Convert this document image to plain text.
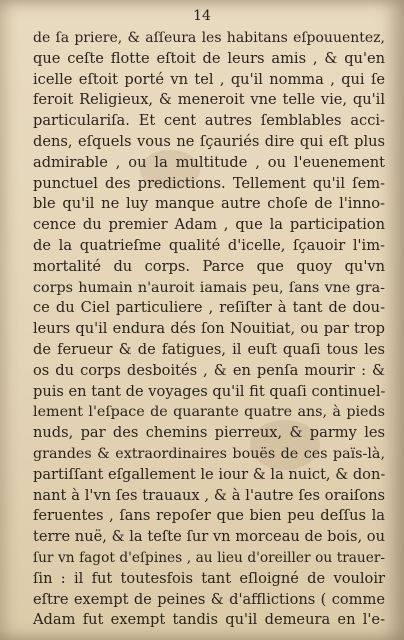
14
de ſa priere, & aſſeura les habitans eſpouuentez,
que ceſte flotte eſtoit de leurs amis , & qu'en
icelle eſtoit porté vn tel , qu'il nomma , qui ſe
feroit Religieux, & meneroit vne telle vie, qu'il
particulariſa. Et cent autres ſemblables acci-
dens, eſquels vous ne ſçauriés dire qui eſt plus
admirable , ou la multitude , ou l'euenement
punctuel des predictions. Tellement qu'il ſem-
ble qu'il ne luy manque autre choſe de l'inno-
cence du premier Adam , que la participation
de la quatrieſme qualité d'icelle, ſçauoir l'im-
mortalité du corps. Parce que quoy qu'vn
corps humain n'auroit iamais peu, ſans vne gra-
ce du Ciel particuliere , reſiſter à tant de dou-
leurs qu'il endura dés ſon Nouitiat, ou par trop
de ferueur & de fatigues, il euſt quaſi tous les
os du corps desboités , & en penſa mourir : &
puis en tant de voyages qu'il fit quaſi continuel-
lement l'eſpace de quarante quatre ans, à pieds
nuds, par des chemins pierreux, & parmy les
grandes & extraordinaires bouës de ces païs-là,
partiſſant eſgallement le iour & la nuict, & don-
nant à l'vn ſes trauaux , & à l'autre ſes oraiſons
feruentes , ſans repoſer que bien peu deſſus la
terre nuë, & la teſte ſur vn morceau de bois, ou
ſur vn fagot d'eſpines , au lieu d'oreiller ou trauer-
ſin : il fut toutesfois tant eſloigné de vouloir
eſtre exempt de peines & d'afflictions ( comme
Adam fut exempt tandis qu'il demeura en l'e-
